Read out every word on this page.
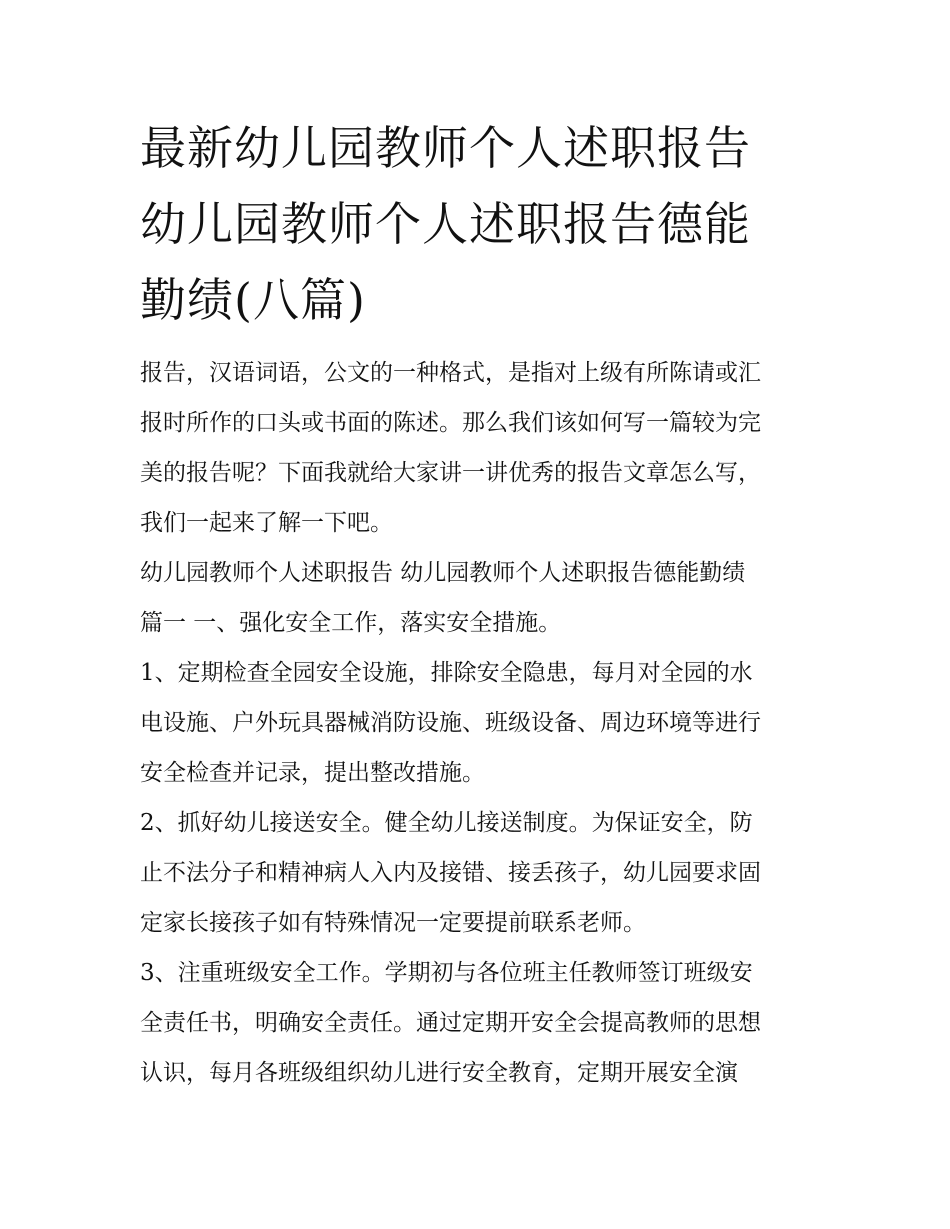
最新幼儿园教师个人述职报告
幼儿园教师个人述职报告德能
勤绩(八篇)

报告，汉语词语，公文的一种格式，是指对上级有所陈请或汇
报时所作的口头或书面的陈述。那么我们该如何写一篇较为完
美的报告呢？下面我就给大家讲一讲优秀的报告文章怎么写，
我们一起来了解一下吧。

幼儿园教师个人述职报告 幼儿园教师个人述职报告德能勤绩
篇一 一、强化安全工作，落实安全措施。

1、定期检查全园安全设施，排除安全隐患，每月对全园的水
电设施、户外玩具器械消防设施、班级设备、周边环境等进行
安全检查并记录，提出整改措施。

2、抓好幼儿接送安全。健全幼儿接送制度。为保证安全，防
止不法分子和精神病人入内及接错、接丢孩子，幼儿园要求固
定家长接孩子如有特殊情况一定要提前联系老师。

3、注重班级安全工作。学期初与各位班主任教师签订班级安
全责任书，明确安全责任。通过定期开安全会提高教师的思想
认识，每月各班级组织幼儿进行安全教育，定期开展安全演
